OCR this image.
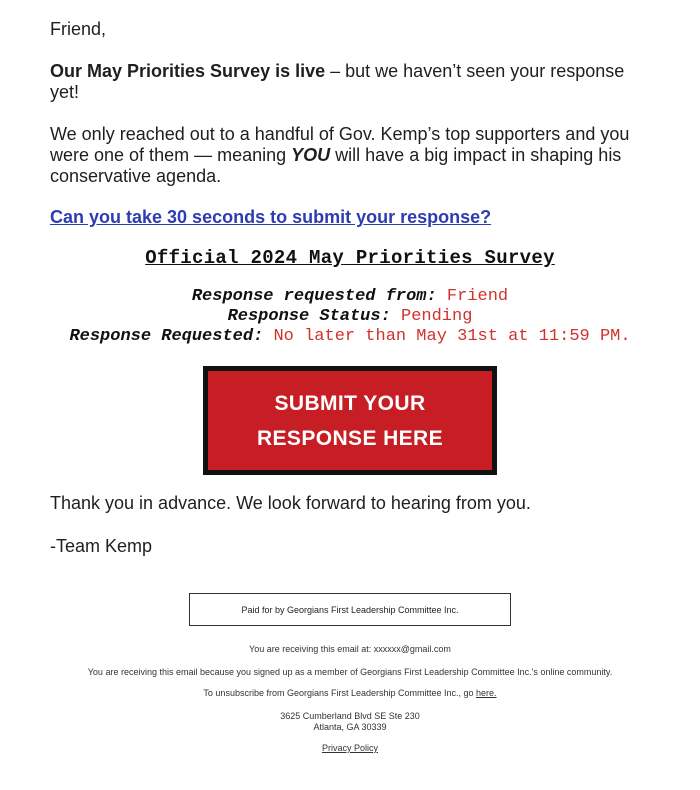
Friend,

Our May Priorities Survey is live – but we haven’t seen your response yet!

We only reached out to a handful of Gov. Kemp’s top supporters and you were one of them — meaning YOU will have a big impact in shaping his conservative agenda.

Can you take 30 seconds to submit your response?

Official 2024 May Priorities Survey

Response requested from: Friend
Response Status: Pending
Response Requested: No later than May 31st at 11:59 PM.
SUBMIT YOUR RESPONSE HERE

Thank you in advance. We look forward to hearing from you.

-Team Kemp

Paid for by Georgians First Leadership Committee Inc.

You are receiving this email at: xxxxxx@gmail.com

You are receiving this email because you signed up as a member of Georgians First Leadership Committee Inc.'s online community.

To unsubscribe from Georgians First Leadership Committee Inc., go here.

3625 Cumberland Blvd SE Ste 230
Atlanta, GA 30339

Privacy Policy
